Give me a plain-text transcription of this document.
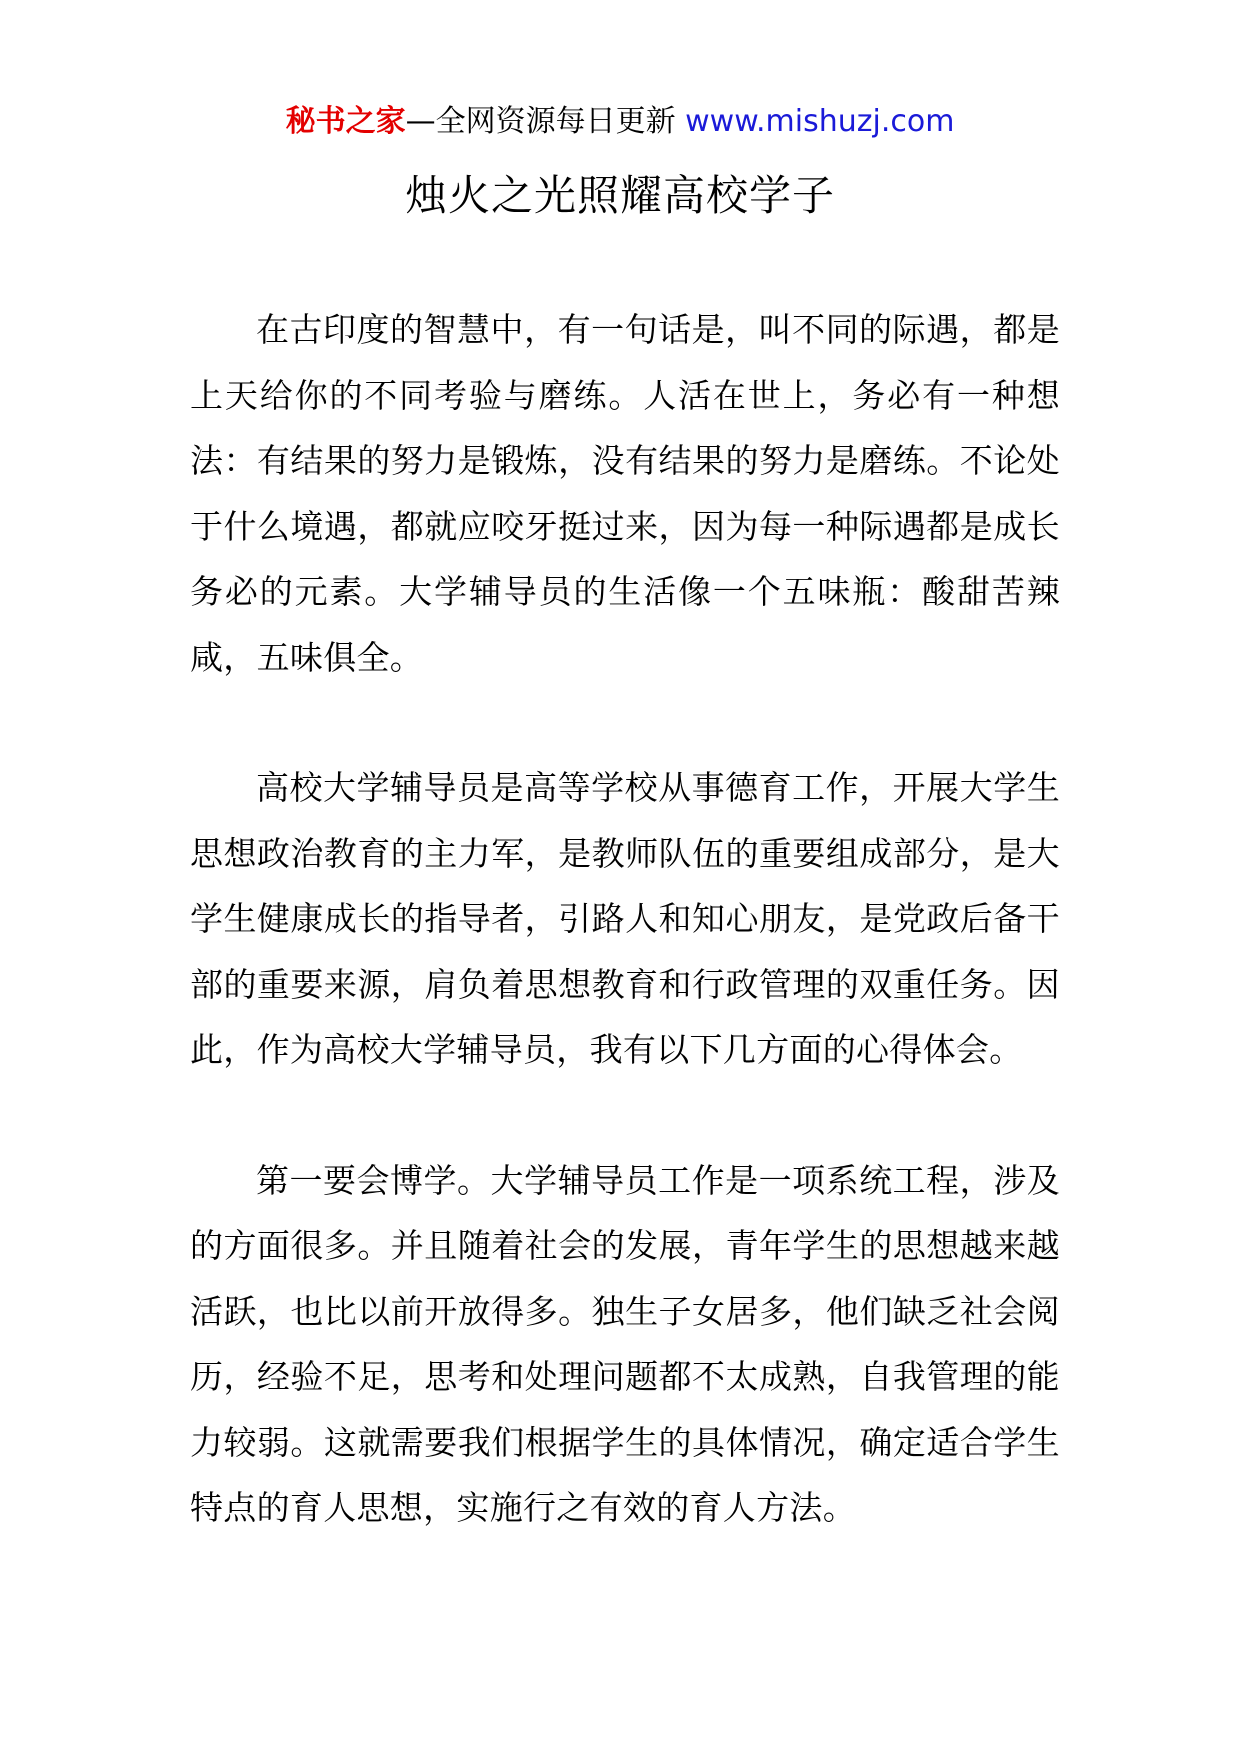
秘书之家—全网资源每日更新 www.mishuzj.com
烛火之光照耀高校学子

在古印度的智慧中，有一句话是，叫不同的际遇，都是上天给你的不同考验与磨练。人活在世上，务必有一种想法：有结果的努力是锻炼，没有结果的努力是磨练。不论处于什么境遇，都就应咬牙挺过来，因为每一种际遇都是成长务必的元素。大学辅导员的生活像一个五味瓶：酸甜苦辣咸，五味俱全。

高校大学辅导员是高等学校从事德育工作，开展大学生思想政治教育的主力军，是教师队伍的重要组成部分，是大学生健康成长的指导者，引路人和知心朋友，是党政后备干部的重要来源，肩负着思想教育和行政管理的双重任务。因此，作为高校大学辅导员，我有以下几方面的心得体会。

第一要会博学。大学辅导员工作是一项系统工程，涉及的方面很多。并且随着社会的发展，青年学生的思想越来越活跃，也比以前开放得多。独生子女居多，他们缺乏社会阅历，经验不足，思考和处理问题都不太成熟，自我管理的能力较弱。这就需要我们根据学生的具体情况，确定适合学生特点的育人思想，实施行之有效的育人方法。
